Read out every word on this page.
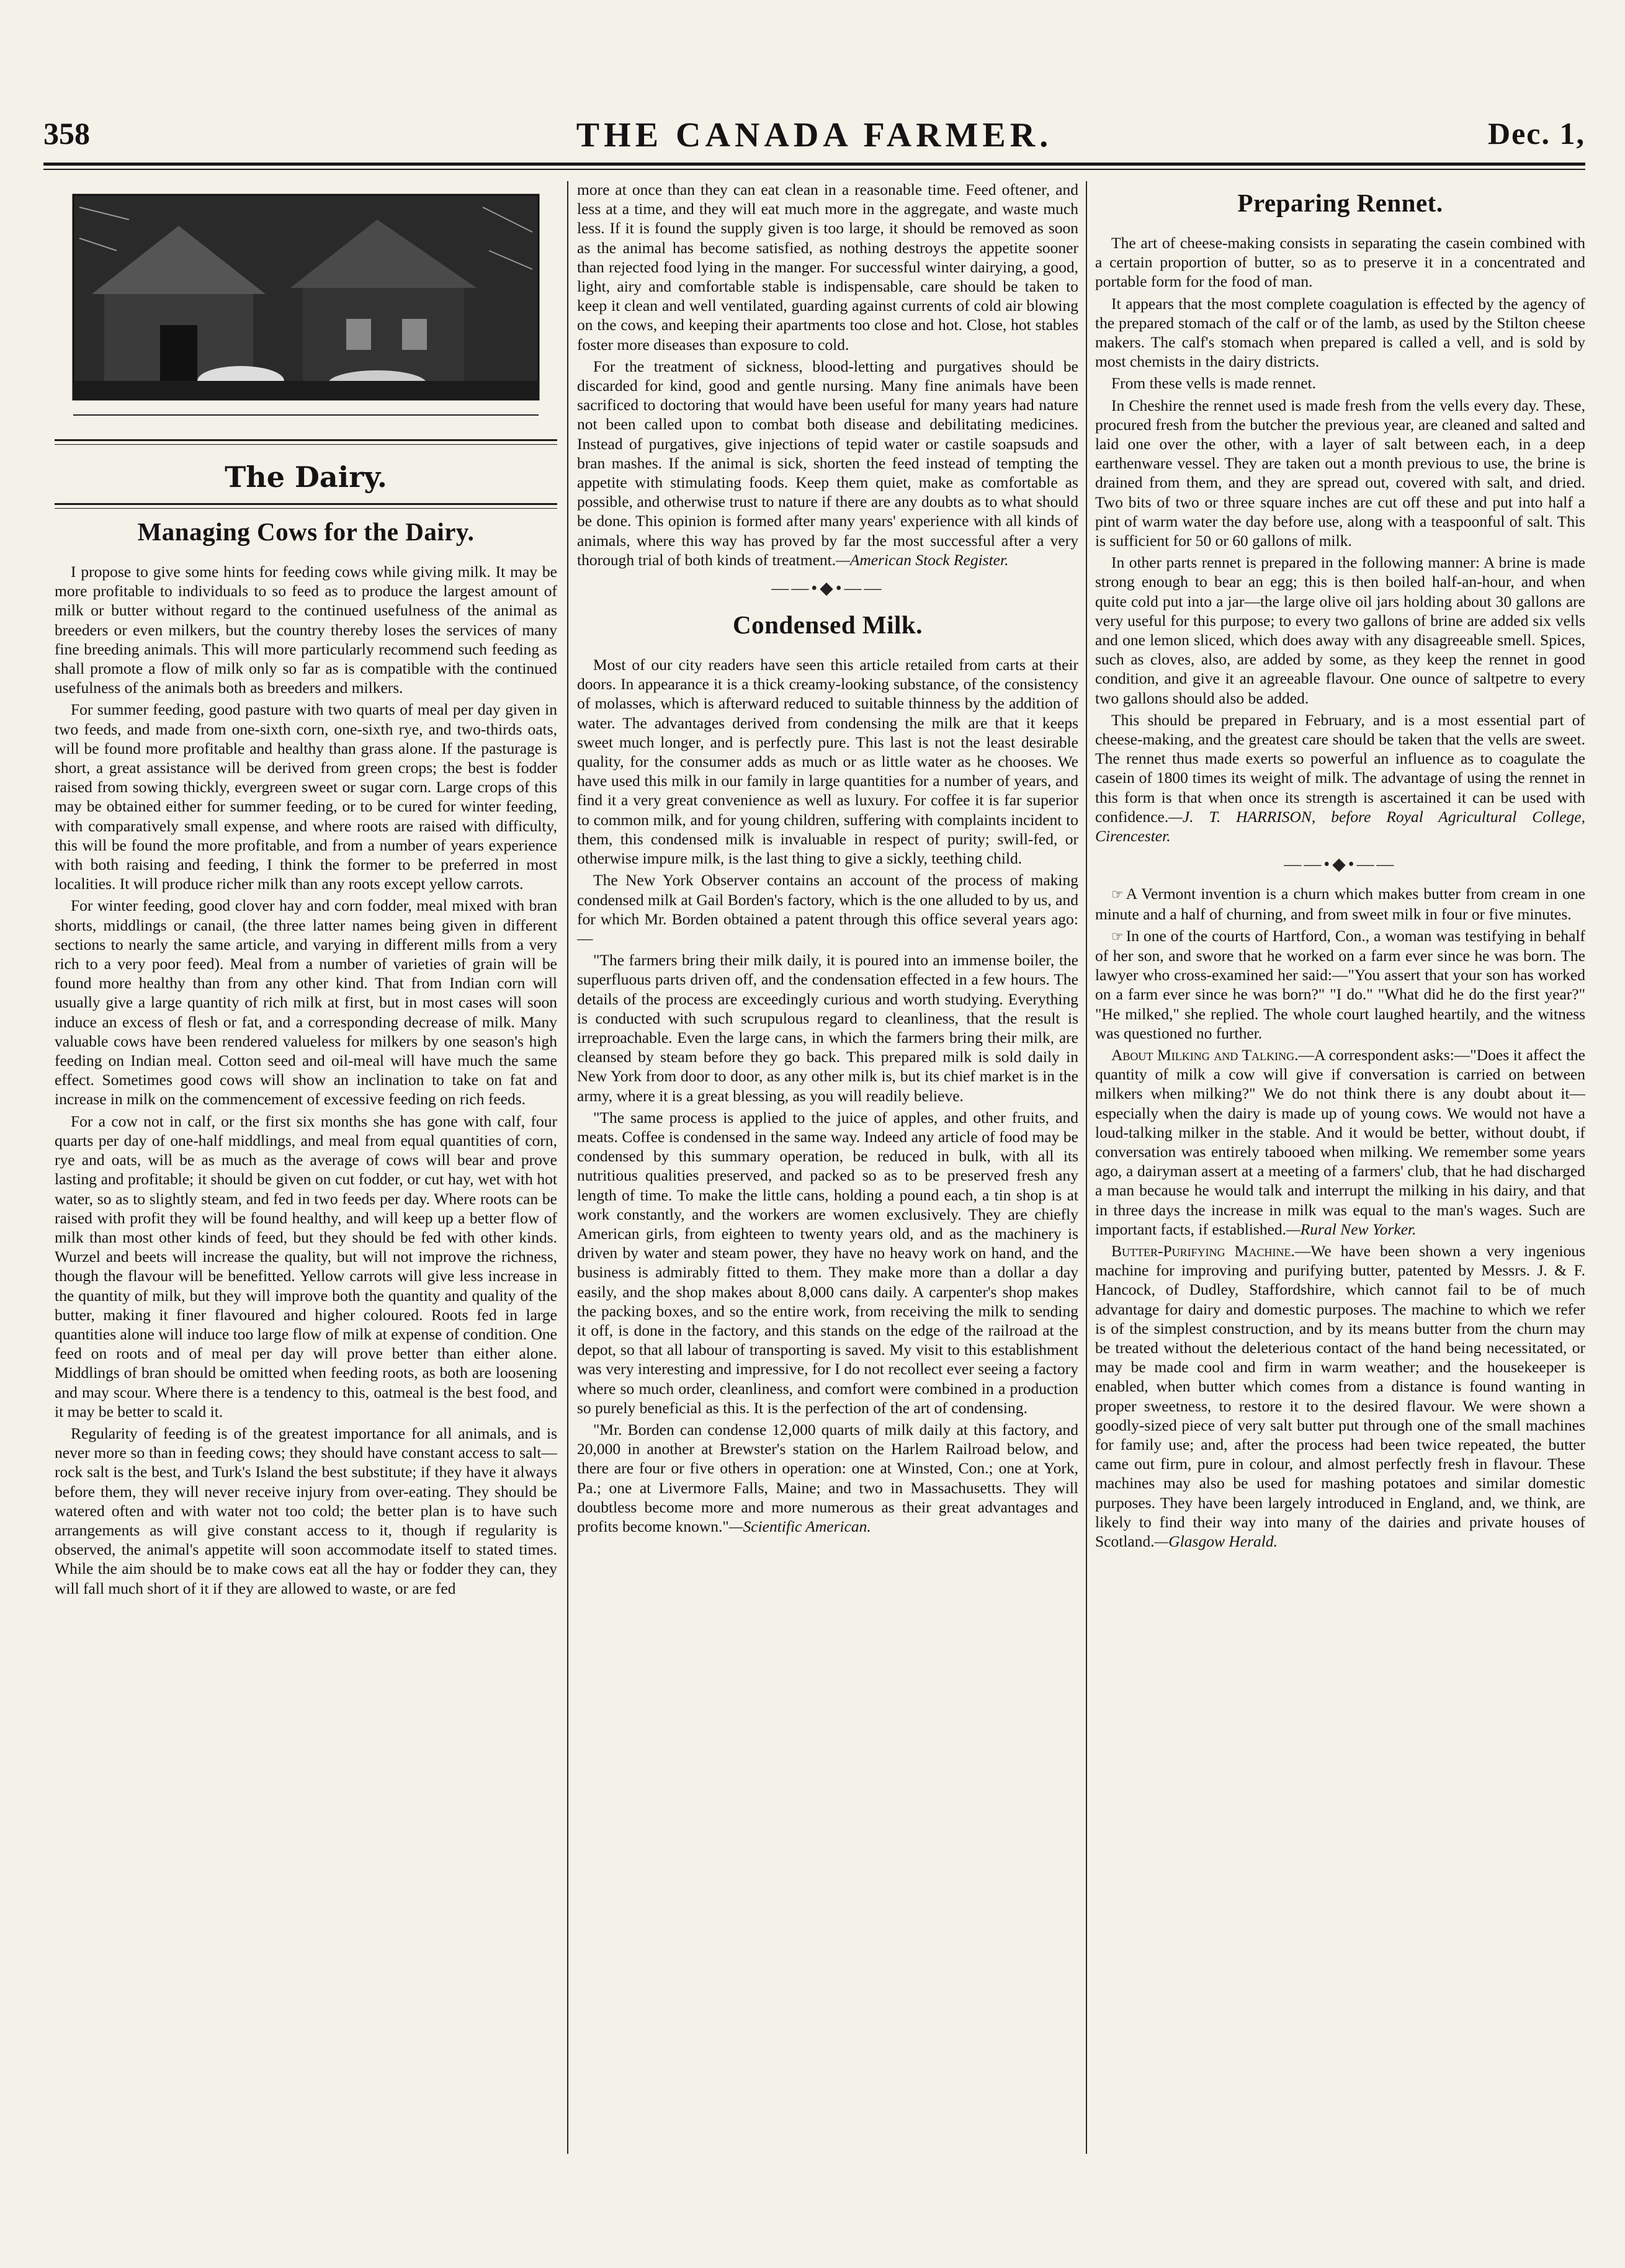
358	THE CANADA FARMER.	Dec. 1,
The Dairy.
Managing Cows for the Dairy.

I propose to give some hints for feeding cows while giving milk. It may be more profitable to individuals to so feed as to produce the largest amount of milk or butter without regard to the continued usefulness of the animal as breeders or even milkers, but the country thereby loses the services of many fine breeding animals. This will more particularly recommend such feeding as shall promote a flow of milk only so far as is compatible with the continued usefulness of the animals both as breeders and milkers.

For summer feeding, good pasture with two quarts of meal per day given in two feeds, and made from one-sixth corn, one-sixth rye, and two-thirds oats, will be found more profitable and healthy than grass alone. If the pasturage is short, a great assistance will be derived from green crops; the best is fodder raised from sowing thickly, evergreen sweet or sugar corn. Large crops of this may be obtained either for summer feeding, or to be cured for winter feeding, with comparatively small expense, and where roots are raised with difficulty, this will be found the more profitable, and from a number of years experience with both raising and feeding, I think the former to be preferred in most localities. It will produce richer milk than any roots except yellow carrots.

For winter feeding, good clover hay and corn fodder, meal mixed with bran shorts, middlings or canail, (the three latter names being given in different sections to nearly the same article, and varying in different mills from a very rich to a very poor feed). Meal from a number of varieties of grain will be found more healthy than from any other kind. That from Indian corn will usually give a large quantity of rich milk at first, but in most cases will soon induce an excess of flesh or fat, and a corresponding decrease of milk. Many valuable cows have been rendered valueless for milkers by one season's high feeding on Indian meal. Cotton seed and oil-meal will have much the same effect. Sometimes good cows will show an inclination to take on fat and increase in milk on the commencement of excessive feeding on rich feeds.

For a cow not in calf, or the first six months she has gone with calf, four quarts per day of one-half middlings, and meal from equal quantities of corn, rye and oats, will be as much as the average of cows will bear and prove lasting and profitable; it should be given on cut fodder, or cut hay, wet with hot water, so as to slightly steam, and fed in two feeds per day. Where roots can be raised with profit they will be found healthy, and will keep up a better flow of milk than most other kinds of feed, but they should be fed with other kinds. Wurzel and beets will increase the quality, but will not improve the richness, though the flavour will be benefitted. Yellow carrots will give less increase in the quantity of milk, but they will improve both the quantity and quality of the butter, making it finer flavoured and higher coloured. Roots fed in large quantities alone will induce too large flow of milk at expense of condition. One feed on roots and of meal per day will prove better than either alone. Middlings of bran should be omitted when feeding roots, as both are loosening and may scour. Where there is a tendency to this, oatmeal is the best food, and it may be better to scald it.

Regularity of feeding is of the greatest importance for all animals, and is never more so than in feeding cows; they should have constant access to salt—rock salt is the best, and Turk's Island the best substitute; if they have it always before them, they will never receive injury from over-eating. They should be watered often and with water not too cold; the better plan is to have such arrangements as will give constant access to it, though if regularity is observed, the animal's appetite will soon accommodate itself to stated times. While the aim should be to make cows eat all the hay or fodder they can, they will fall much short of it if they are allowed to waste, or are fed

more at once than they can eat clean in a reasonable time. Feed oftener, and less at a time, and they will eat much more in the aggregate, and waste much less. If it is found the supply given is too large, it should be removed as soon as the animal has become satisfied, as nothing destroys the appetite sooner than rejected food lying in the manger. For successful winter dairying, a good, light, airy and comfortable stable is indispensable, care should be taken to keep it clean and well ventilated, guarding against currents of cold air blowing on the cows, and keeping their apartments too close and hot. Close, hot stables foster more diseases than exposure to cold.

For the treatment of sickness, blood-letting and purgatives should be discarded for kind, good and gentle nursing. Many fine animals have been sacrificed to doctoring that would have been useful for many years had nature not been called upon to combat both disease and debilitating medicines. Instead of purgatives, give injections of tepid water or castile soapsuds and bran mashes. If the animal is sick, shorten the feed instead of tempting the appetite with stimulating foods. Keep them quiet, make as comfortable as possible, and otherwise trust to nature if there are any doubts as to what should be done. This opinion is formed after many years' experience with all kinds of animals, where this way has proved by far the most successful after a very thorough trial of both kinds of treatment.—American Stock Register.

——•◆•——
Condensed Milk.

Most of our city readers have seen this article retailed from carts at their doors. In appearance it is a thick creamy-looking substance, of the consistency of molasses, which is afterward reduced to suitable thinness by the addition of water. The advantages derived from condensing the milk are that it keeps sweet much longer, and is perfectly pure. This last is not the least desirable quality, for the consumer adds as much or as little water as he chooses. We have used this milk in our family in large quantities for a number of years, and find it a very great convenience as well as luxury. For coffee it is far superior to common milk, and for young children, suffering with complaints incident to them, this condensed milk is invaluable in respect of purity; swill-fed, or otherwise impure milk, is the last thing to give a sickly, teething child.

The New York Observer contains an account of the process of making condensed milk at Gail Borden's factory, which is the one alluded to by us, and for which Mr. Borden obtained a patent through this office several years ago:—

"The farmers bring their milk daily, it is poured into an immense boiler, the superfluous parts driven off, and the condensation effected in a few hours. The details of the process are exceedingly curious and worth studying. Everything is conducted with such scrupulous regard to cleanliness, that the result is irreproachable. Even the large cans, in which the farmers bring their milk, are cleansed by steam before they go back. This prepared milk is sold daily in New York from door to door, as any other milk is, but its chief market is in the army, where it is a great blessing, as you will readily believe.

"The same process is applied to the juice of apples, and other fruits, and meats. Coffee is condensed in the same way. Indeed any article of food may be condensed by this summary operation, be reduced in bulk, with all its nutritious qualities preserved, and packed so as to be preserved fresh any length of time. To make the little cans, holding a pound each, a tin shop is at work constantly, and the workers are women exclusively. They are chiefly American girls, from eighteen to twenty years old, and as the machinery is driven by water and steam power, they have no heavy work on hand, and the business is admirably fitted to them. They make more than a dollar a day easily, and the shop makes about 8,000 cans daily. A carpenter's shop makes the packing boxes, and so the entire work, from receiving the milk to sending it off, is done in the factory, and this stands on the edge of the railroad at the depot, so that all labour of transporting is saved. My visit to this establishment was very interesting and impressive, for I do not recollect ever seeing a factory where so much order, cleanliness, and comfort were combined in a production so purely beneficial as this. It is the perfection of the art of condensing.

"Mr. Borden can condense 12,000 quarts of milk daily at this factory, and 20,000 in another at Brewster's station on the Harlem Railroad below, and there are four or five others in operation: one at Winsted, Con.; one at York, Pa.; one at Livermore Falls, Maine; and two in Massachusetts. They will doubtless become more and more numerous as their great advantages and profits become known."—Scientific American.

Preparing Rennet.

The art of cheese-making consists in separating the casein combined with a certain proportion of butter, so as to preserve it in a concentrated and portable form for the food of man.

It appears that the most complete coagulation is effected by the agency of the prepared stomach of the calf or of the lamb, as used by the Stilton cheese makers. The calf's stomach when prepared is called a vell, and is sold by most chemists in the dairy districts.

From these vells is made rennet.

In Cheshire the rennet used is made fresh from the vells every day. These, procured fresh from the butcher the previous year, are cleaned and salted and laid one over the other, with a layer of salt between each, in a deep earthenware vessel. They are taken out a month previous to use, the brine is drained from them, and they are spread out, covered with salt, and dried. Two bits of two or three square inches are cut off these and put into half a pint of warm water the day before use, along with a teaspoonful of salt. This is sufficient for 50 or 60 gallons of milk.

In other parts rennet is prepared in the following manner: A brine is made strong enough to bear an egg; this is then boiled half-an-hour, and when quite cold put into a jar—the large olive oil jars holding about 30 gallons are very useful for this purpose; to every two gallons of brine are added six vells and one lemon sliced, which does away with any disagreeable smell. Spices, such as cloves, also, are added by some, as they keep the rennet in good condition, and give it an agreeable flavour. One ounce of saltpetre to every two gallons should also be added.

This should be prepared in February, and is a most essential part of cheese-making, and the greatest care should be taken that the vells are sweet. The rennet thus made exerts so powerful an influence as to coagulate the casein of 1800 times its weight of milk. The advantage of using the rennet in this form is that when once its strength is ascertained it can be used with confidence.—J. T. HARRISON, before Royal Agricultural College, Cirencester.

——•◆•——

☞ A Vermont invention is a churn which makes butter from cream in one minute and a half of churning, and from sweet milk in four or five minutes.

☞ In one of the courts of Hartford, Con., a woman was testifying in behalf of her son, and swore that he worked on a farm ever since he was born. The lawyer who cross-examined her said:—"You assert that your son has worked on a farm ever since he was born?" "I do." "What did he do the first year?" "He milked," she replied. The whole court laughed heartily, and the witness was questioned no further.

About Milking and Talking.—A correspondent asks:—"Does it affect the quantity of milk a cow will give if conversation is carried on between milkers when milking?" We do not think there is any doubt about it—especially when the dairy is made up of young cows. We would not have a loud-talking milker in the stable. And it would be better, without doubt, if conversation was entirely tabooed when milking. We remember some years ago, a dairyman assert at a meeting of a farmers' club, that he had discharged a man because he would talk and interrupt the milking in his dairy, and that in three days the increase in milk was equal to the man's wages. Such are important facts, if established.—Rural New Yorker.

Butter-Purifying Machine.—We have been shown a very ingenious machine for improving and purifying butter, patented by Messrs. J. & F. Hancock, of Dudley, Staffordshire, which cannot fail to be of much advantage for dairy and domestic purposes. The machine to which we refer is of the simplest construction, and by its means butter from the churn may be treated without the deleterious contact of the hand being necessitated, or may be made cool and firm in warm weather; and the housekeeper is enabled, when butter which comes from a distance is found wanting in proper sweetness, to restore it to the desired flavour. We were shown a goodly-sized piece of very salt butter put through one of the small machines for family use; and, after the process had been twice repeated, the butter came out firm, pure in colour, and almost perfectly fresh in flavour. These machines may also be used for mashing potatoes and similar domestic purposes. They have been largely introduced in England, and, we think, are likely to find their way into many of the dairies and private houses of Scotland.—Glasgow Herald.
